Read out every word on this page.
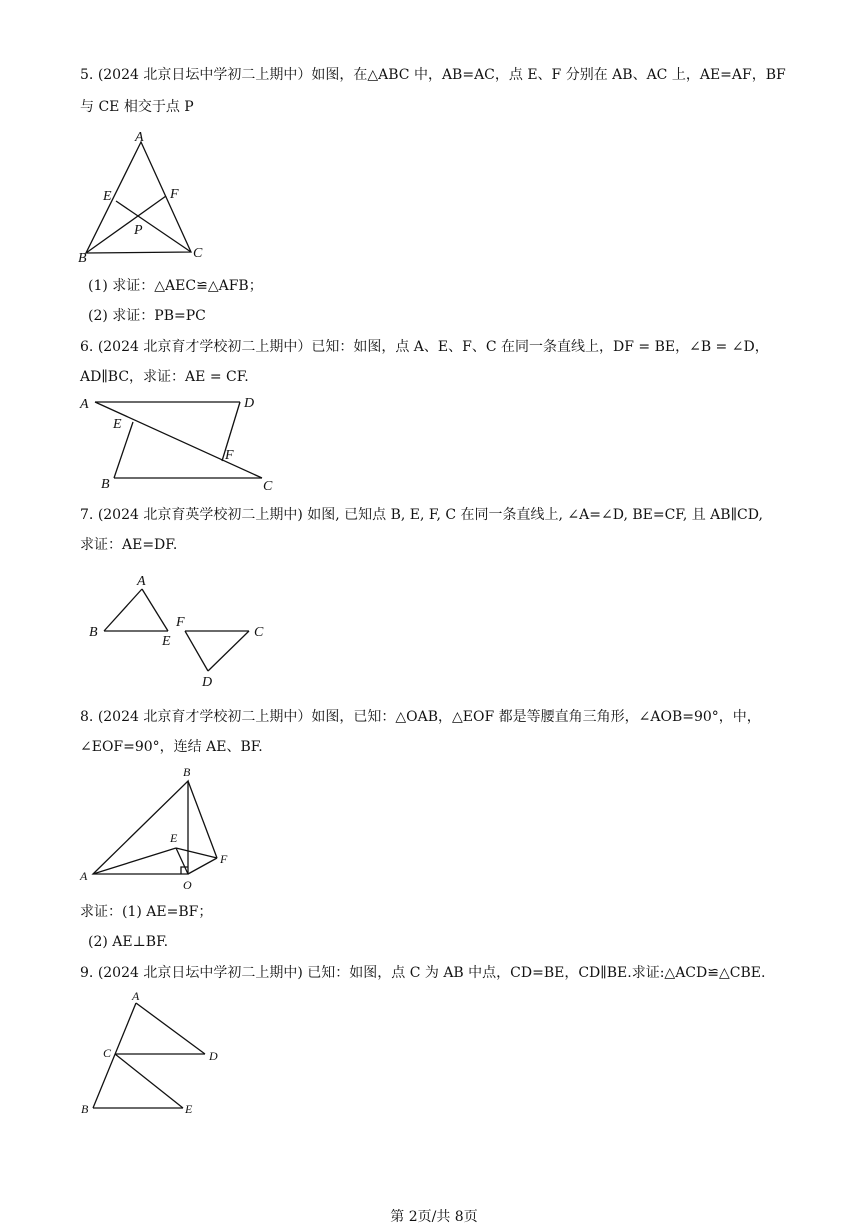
5. (2024 北京日坛中学初二上期中）如图，在△ABC 中，AB=AC，点 E、F 分别在 AB、AC 上，AE=AF，BF
与 CE 相交于点 P
A
B	C
E	F
P
(1) 求证：△AEC≌△AFB；
(2) 求证：PB=PC
6. (2024 北京育才学校初二上期中）已知：如图，点 A、E、F、C 在同一条直线上，DF = BE，∠B = ∠D，
AD∥BC，求证：AE = CF.
A	D
E
F
B	C
7. (2024 北京育英学校初二上期中) 如图, 已知点 B, E, F, C 在同一条直线上, ∠A=∠D, BE=CF, 且 AB∥CD,
求证：AE=DF.
A
B
E
F
C
D
8. (2024 北京育才学校初二上期中）如图，已知：△OAB，△EOF 都是等腰直角三角形，∠AOB=90°，中，
∠EOF=90°，连结 AE、BF.
B
E
F
A
O
求证：(1) AE=BF；
(2) AE⊥BF.
9. (2024 北京日坛中学初二上期中) 已知：如图，点 C 为 AB 中点，CD=BE，CD∥BE.求证:△ACD≌△CBE.
A
C	D
B	E
第 2页/共 8页
